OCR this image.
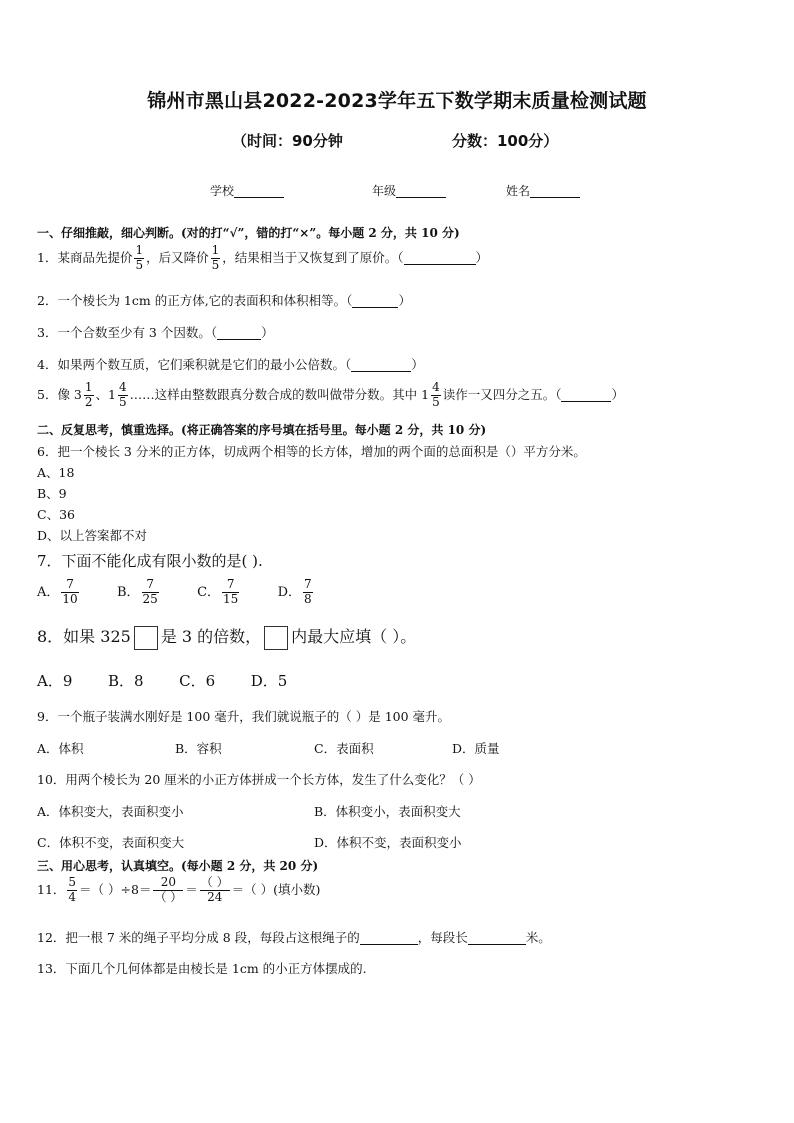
锦州市黑山县2022-2023学年五下数学期末质量检测试题
（时间：90分钟	分数：100分）
学校	年级	姓名
一、仔细推敲，细心判断。(对的打“√”，错的打“×”。每小题 2 分，共 10 分)
1．某商品先提价 $\frac{1}{5}$ ，后又降价 $\frac{1}{5}$ ，结果相当于又恢复到了原价。（	）
2．一个棱长为 1cm 的正方体,它的表面积和体积相等。（	）
3．一个合数至少有 3 个因数。（	）
4．如果两个数互质，它们乘积就是它们的最小公倍数。（	）
5．像 $3 \frac{1}{2}$ 、$1 \frac{4}{5}$ ……这样由整数跟真分数合成的数叫做带分数。其中 $1 \frac{4}{5}$ 读作一又四分之五。（	）
二、反复思考，慎重选择。(将正确答案的序号填在括号里。每小题 2 分，共 10 分)
6．把一个棱长 3 分米的正方体，切成两个相等的长方体，增加的两个面的总面积是（）平方分米。
A、18
B、9
C、36
D、以上答案都不对
7．下面不能化成有限小数的是( ).
A． $\frac{7}{10}$	B． $\frac{7}{25}$	C． $\frac{7}{15}$	D． $\frac{7}{8}$
8．如果 325 是 3 的倍数， 内最大应填（ ）。
A．9 B．8 C．6 D．5
9．一个瓶子装满水刚好是 100 毫升，我们就说瓶子的（ ）是 100 毫升。
A．体积	B．容积	C．表面积	D．质量
10．用两个棱长为 20 厘米的小正方体拼成一个长方体，发生了什么变化？（ ）
A．体积变大，表面积变小	B．体积变小，表面积变大
C．体积不变，表面积变大	D．体积不变，表面积变小
三、用心思考，认真填空。(每小题 2 分，共 20 分)
11． $\frac{5}{4}$ ＝（ ）$\div 8= \frac{20}{( )} = \frac{( )}{24}$ ＝（ ）(填小数)
12．把一根 7 米的绳子平均分成 8 段，每段占这根绳子的	，每段长	米。
13．下面几个几何体都是由棱长是 1cm 的小正方体摆成的.
